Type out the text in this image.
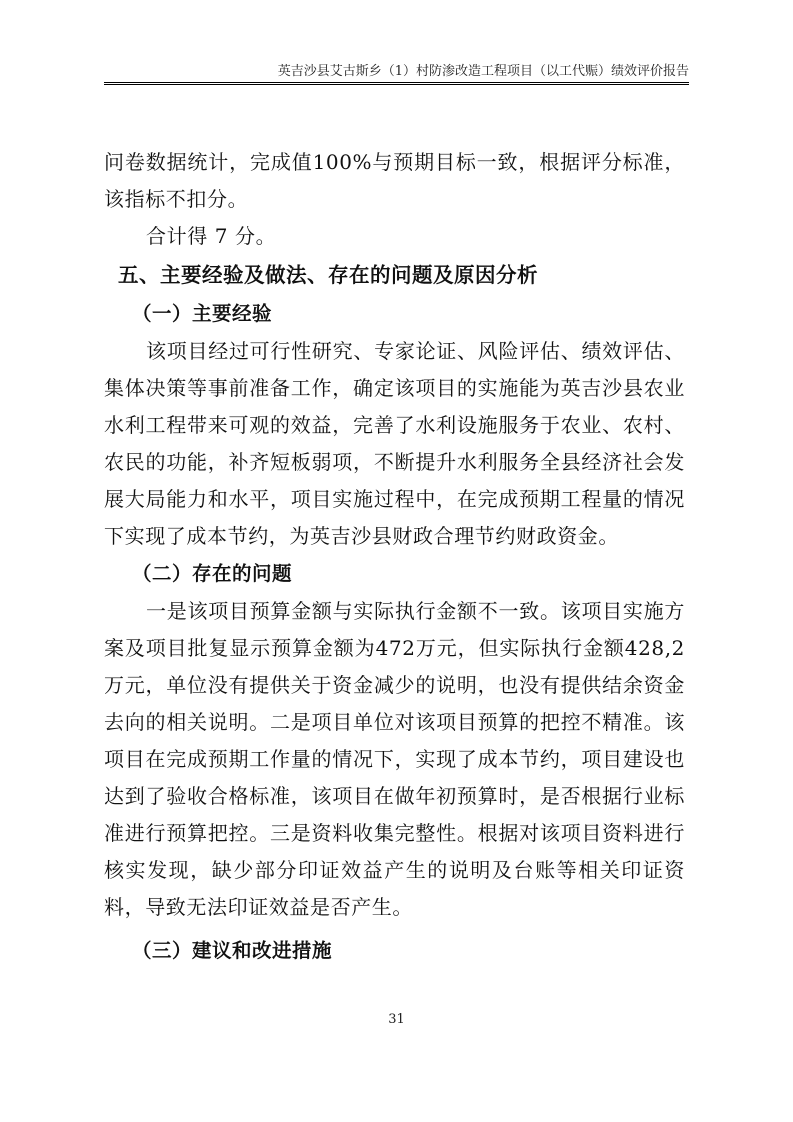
英吉沙县艾古斯乡（1）村防渗改造工程项目（以工代赈）绩效评价报告

问卷数据统计，完成值100%与预期目标一致，根据评分标准，该指标不扣分。

合计得 7 分。

五、主要经验及做法、存在的问题及原因分析
（一）主要经验

该项目经过可行性研究、专家论证、风险评估、绩效评估、集体决策等事前准备工作，确定该项目的实施能为英吉沙县农业水利工程带来可观的效益，完善了水利设施服务于农业、农村、农民的功能，补齐短板弱项，不断提升水利服务全县经济社会发展大局能力和水平，项目实施过程中，在完成预期工程量的情况下实现了成本节约，为英吉沙县财政合理节约财政资金。

（二）存在的问题

一是该项目预算金额与实际执行金额不一致。该项目实施方案及项目批复显示预算金额为472万元，但实际执行金额428,2万元，单位没有提供关于资金减少的说明，也没有提供结余资金去向的相关说明。二是项目单位对该项目预算的把控不精准。该项目在完成预期工作量的情况下，实现了成本节约，项目建设也达到了验收合格标准，该项目在做年初预算时，是否根据行业标准进行预算把控。三是资料收集完整性。根据对该项目资料进行核实发现，缺少部分印证效益产生的说明及台账等相关印证资料，导致无法印证效益是否产生。

（三）建议和改进措施
31
